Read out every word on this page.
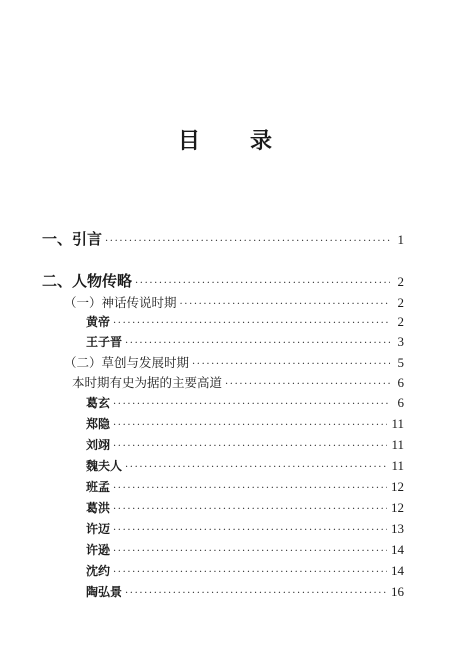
目　录
一、引言 ·····	1
二、人物传略 ·····	2
（一）神话传说时期 ·····	2
黄帝 ·····	2
王子晋 ·····	3
（二）草创与发展时期 ·····	5
本时期有史为据的主要高道 ·····	6
葛玄 ·····	6
郑隐 ·····	11
刘翊 ·····	11
魏夫人 ·····	11
班孟 ·····	12
葛洪 ·····	12
许迈 ·····	13
许逊 ·····	14
沈约 ·····	14
陶弘景 ·····	16
